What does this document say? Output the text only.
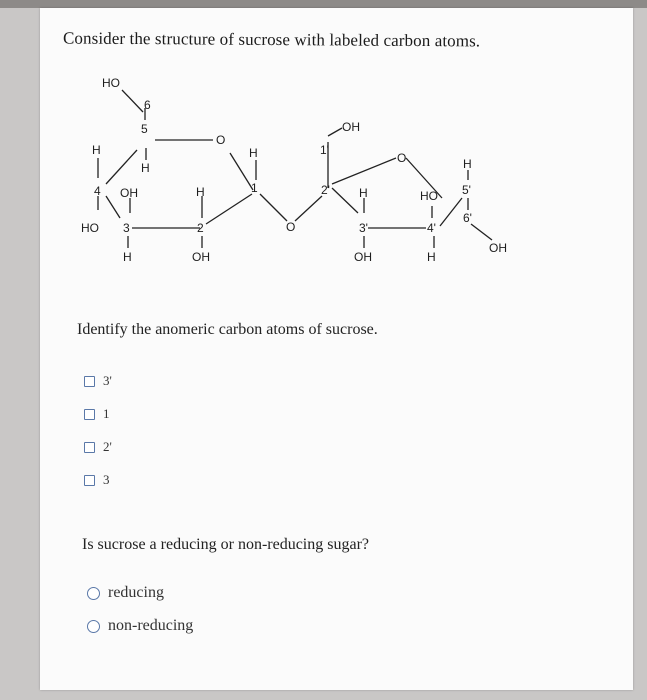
Consider the structure of sucrose with labeled carbon atoms.
HO
6
5
O
H
H
4 OH	H
H
1
HO 3	2
H	OH
O
OH
1'
2'
O
H
3'
OH
HO
4'
H
H
5'
6'
OH
Identify the anomeric carbon atoms of sucrose.
3'
1
2'
3
Is sucrose a reducing or non-reducing sugar?
reducing
non-reducing
